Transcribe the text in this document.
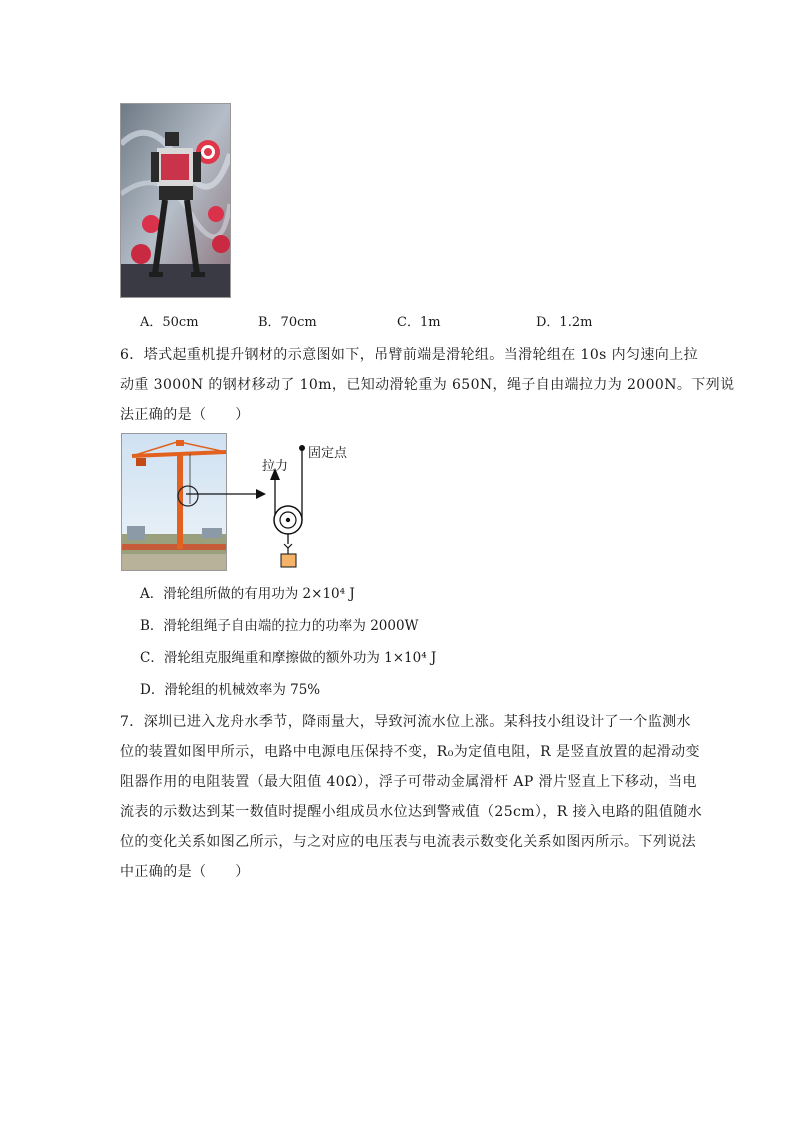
A．50cm	B．70cm	C．1m	D．1.2m
6．塔式起重机提升钢材的示意图如下，吊臂前端是滑轮组。当滑轮组在 10s 内匀速向上拉
动重 3000N 的钢材移动了 10m，已知动滑轮重为 650N，绳子自由端拉力为 2000N。下列说
法正确的是（　　）
拉力
固定点
A．滑轮组所做的有用功为 2×10⁴ J
B．滑轮组绳子自由端的拉力的功率为 2000W
C．滑轮组克服绳重和摩擦做的额外功为 1×10⁴ J
D．滑轮组的机械效率为 75%
7．深圳已进入龙舟水季节，降雨量大，导致河流水位上涨。某科技小组设计了一个监测水
位的装置如图甲所示，电路中电源电压保持不变，R₀为定值电阻，R 是竖直放置的起滑动变
阻器作用的电阻装置（最大阻值 40Ω），浮子可带动金属滑杆 AP 滑片竖直上下移动，当电
流表的示数达到某一数值时提醒小组成员水位达到警戒值（25cm），R 接入电路的阻值随水
位的变化关系如图乙所示，与之对应的电压表与电流表示数变化关系如图丙所示。下列说法
中正确的是（　　）
